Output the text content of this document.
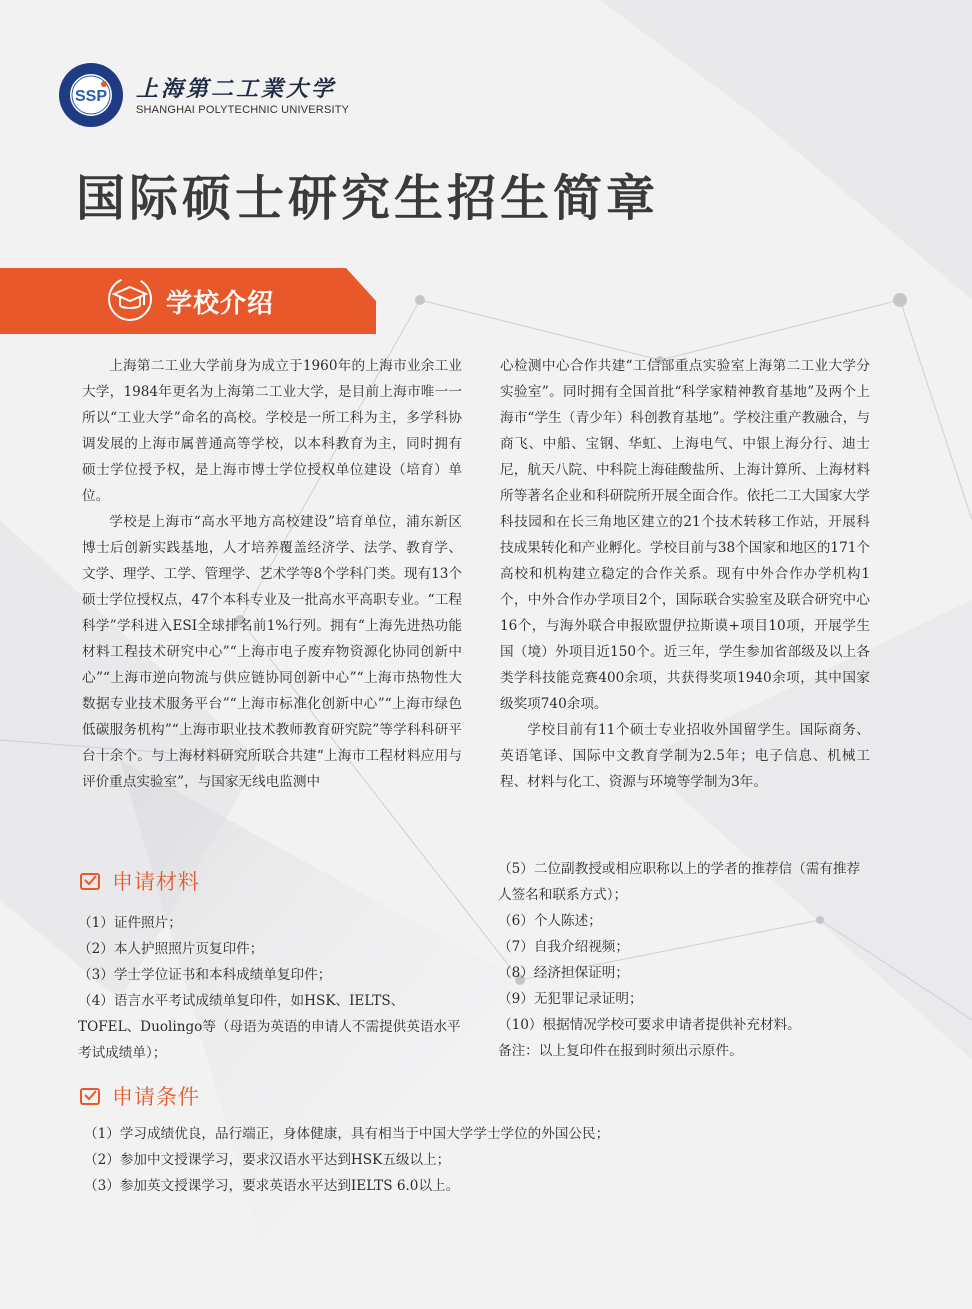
SSP 上海第二工業大学
SHANGHAI POLYTECHNIC UNIVERSITY
国际硕士研究生招生简章
学校介绍

上海第二工业大学前身为成立于1960年的上海市业余工业大学，1984年更名为上海第二工业大学，是目前上海市唯一一所以“工业大学”命名的高校。学校是一所工科为主，多学科协调发展的上海市属普通高等学校，以本科教育为主，同时拥有硕士学位授予权，是上海市博士学位授权单位建设（培育）单位。

学校是上海市“高水平地方高校建设”培育单位，浦东新区博士后创新实践基地，人才培养覆盖经济学、法学、教育学、文学、理学、工学、管理学、艺术学等8个学科门类。现有13个硕士学位授权点，47个本科专业及一批高水平高职专业。“工程科学”学科进入ESI全球排名前1%行列。拥有“上海先进热功能材料工程技术研究中心”“上海市电子废弃物资源化协同创新中心”“上海市逆向物流与供应链协同创新中心”“上海市热物性大数据专业技术服务平台”“上海市标准化创新中心”“上海市绿色低碳服务机构”“上海市职业技术教师教育研究院”等学科科研平台十余个。与上海材料研究所联合共建“上海市工程材料应用与评价重点实验室”，与国家无线电监测中

心检测中心合作共建“工信部重点实验室上海第二工业大学分实验室”。同时拥有全国首批“科学家精神教育基地”及两个上海市“学生（青少年）科创教育基地”。学校注重产教融合，与商飞、中船、宝钢、华虹、上海电气、中银上海分行、迪士尼，航天八院、中科院上海硅酸盐所、上海计算所、上海材料所等著名企业和科研院所开展全面合作。依托二工大国家大学科技园和在长三角地区建立的21个技术转移工作站，开展科技成果转化和产业孵化。学校目前与38个国家和地区的171个高校和机构建立稳定的合作关系。现有中外合作办学机构1个，中外合作办学项目2个，国际联合实验室及联合研究中心16个，与海外联合申报欧盟伊拉斯谟+项目10项，开展学生国（境）外项目近150个。近三年，学生参加省部级及以上各类学科技能竞赛400余项，共获得奖项1940余项，其中国家级奖项740余项。

学校目前有11个硕士专业招收外国留学生。国际商务、英语笔译、国际中文教育学制为2.5年；电子信息、机械工程、材料与化工、资源与环境等学制为3年。

申请材料
（1）证件照片；
（2）本人护照照片页复印件；
（3）学士学位证书和本科成绩单复印件；
（4）语言水平考试成绩单复印件，如HSK、IELTS、TOFEL、Duolingo等（母语为英语的申请人不需提供英语水平考试成绩单）；
（5）二位副教授或相应职称以上的学者的推荐信（需有推荐人签名和联系方式）；
（6）个人陈述；
（7）自我介绍视频；
（8）经济担保证明；
（9）无犯罪记录证明；
（10）根据情况学校可要求申请者提供补充材料。
备注：以上复印件在报到时须出示原件。
申请条件
（1）学习成绩优良，品行端正，身体健康，具有相当于中国大学学士学位的外国公民；
（2）参加中文授课学习，要求汉语水平达到HSK五级以上；
（3）参加英文授课学习，要求英语水平达到IELTS 6.0以上。
